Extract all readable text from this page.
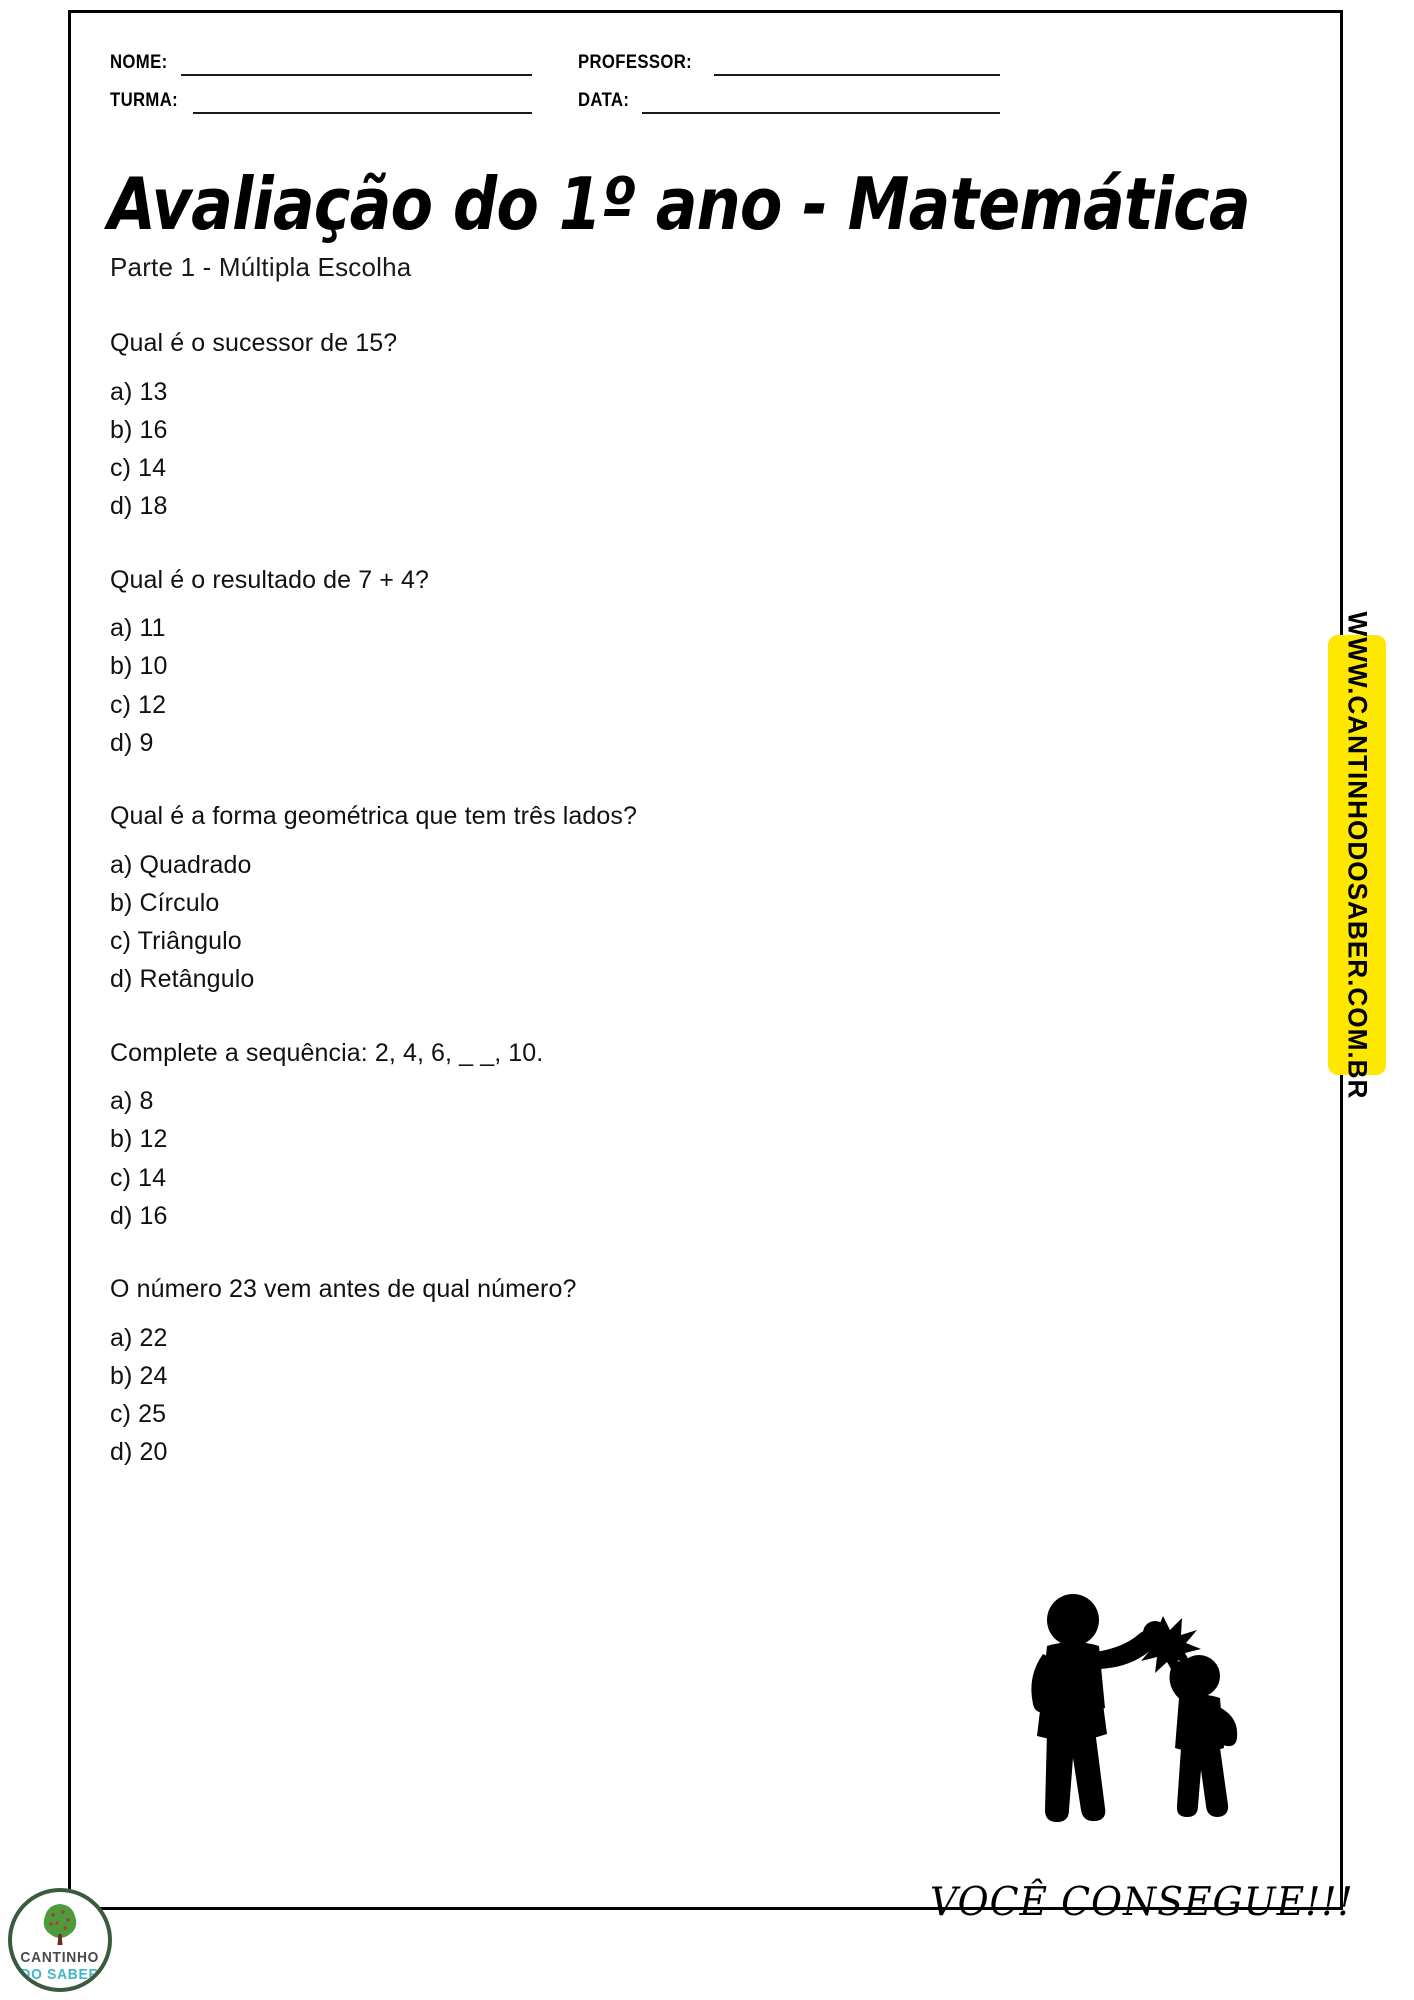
NOME:	PROFESSOR:
TURMA:	DATA:
Avaliação do 1º ano - Matemática
Parte 1 - Múltipla Escolha
Qual é o sucessor de 15?
a) 13
b) 16
c) 14
d) 18
Qual é o resultado de 7 + 4?
a) 11
b) 10
c) 12
d) 9
Qual é a forma geométrica que tem três lados?
a) Quadrado
b) Círculo
c) Triângulo
d) Retângulo
Complete a sequência: 2, 4, 6, _ _, 10.
a) 8
b) 12
c) 14
d) 16
O número 23 vem antes de qual número?
a) 22
b) 24
c) 25
d) 20
WWW.CANTINHODOSABER.COM.BR
VOCÊ CONSEGUE!!!
CANTINHO
DO SABER
